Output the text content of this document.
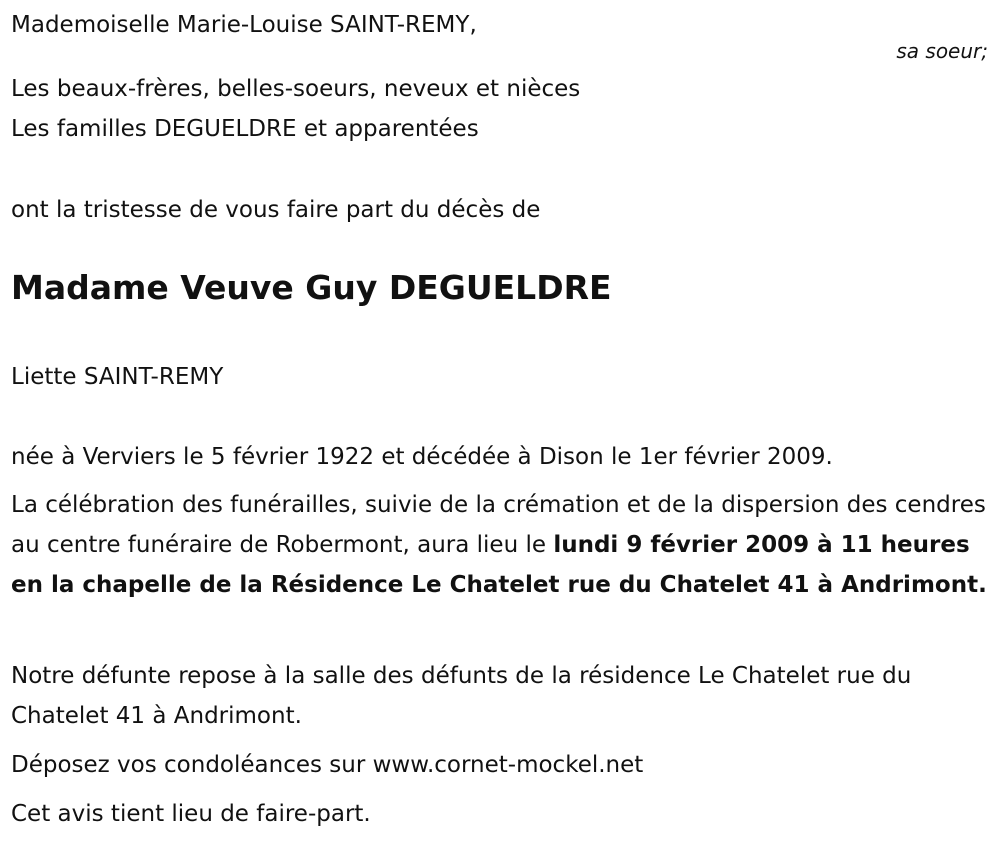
Mademoiselle Marie-Louise SAINT-REMY,

sa soeur;

Les beaux-frères, belles-soeurs, neveux et nièces

Les familles DEGUELDRE et apparentées

ont la tristesse de vous faire part du décès de

Madame Veuve Guy DEGUELDRE

Liette SAINT-REMY

née à Verviers le 5 février 1922 et décédée à Dison le 1er février 2009.

La célébration des funérailles, suivie de la crémation et de la dispersion des cendres au centre funéraire de Robermont, aura lieu le lundi 9 février 2009 à 11 heures en la chapelle de la Résidence Le Chatelet rue du Chatelet 41 à Andrimont.

Notre défunte repose à la salle des défunts de la résidence Le Chatelet rue du Chatelet 41 à Andrimont.

Déposez vos condoléances sur www.cornet-mockel.net

Cet avis tient lieu de faire-part.
